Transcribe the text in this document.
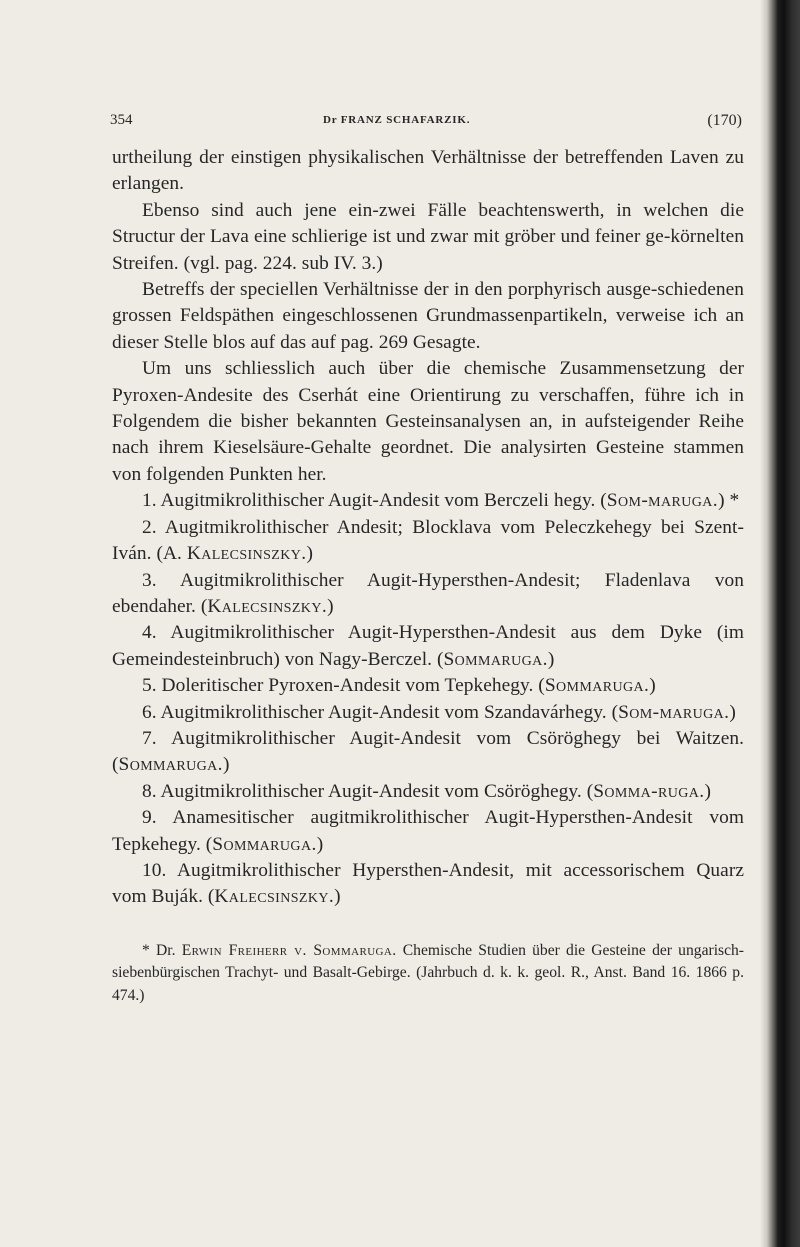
354	Dr FRANZ SCHAFARZIK.	(170)

urtheilung der einstigen physikalischen Verhältnisse der betreffenden Laven zu erlangen.

Ebenso sind auch jene ein-zwei Fälle beachtenswerth, in welchen die Structur der Lava eine schlierige ist und zwar mit gröber und feiner ge-körnelten Streifen. (vgl. pag. 224. sub IV. 3.)

Betreffs der speciellen Verhältnisse der in den porphyrisch ausge-schiedenen grossen Feldspäthen eingeschlossenen Grundmassenpartikeln, verweise ich an dieser Stelle blos auf das auf pag. 269 Gesagte.

Um uns schliesslich auch über die chemische Zusammensetzung der Pyroxen-Andesite des Cserhát eine Orientirung zu verschaffen, führe ich in Folgendem die bisher bekannten Gesteinsanalysen an, in aufsteigender Reihe nach ihrem Kieselsäure-Gehalte geordnet. Die analysirten Gesteine stammen von folgenden Punkten her.

1. Augitmikrolithischer Augit-Andesit vom Berczeli hegy. (Som-maruga.) *

2. Augitmikrolithischer Andesit; Blocklava vom Peleczkehegy bei Szent-Iván. (A. Kalecsinszky.)

3. Augitmikrolithischer Augit-Hypersthen-Andesit; Fladenlava von ebendaher. (Kalecsinszky.)

4. Augitmikrolithischer Augit-Hypersthen-Andesit aus dem Dyke (im Gemeindesteinbruch) von Nagy-Berczel. (Sommaruga.)

5. Doleritischer Pyroxen-Andesit vom Tepkehegy. (Sommaruga.)

6. Augitmikrolithischer Augit-Andesit vom Szandavárhegy. (Som-maruga.)

7. Augitmikrolithischer Augit-Andesit vom Csöröghegy bei Waitzen. (Sommaruga.)

8. Augitmikrolithischer Augit-Andesit vom Csöröghegy. (Somma-ruga.)

9. Anamesitischer augitmikrolithischer Augit-Hypersthen-Andesit vom Tepkehegy. (Sommaruga.)

10. Augitmikrolithischer Hypersthen-Andesit, mit accessorischem Quarz vom Buják. (Kalecsinszky.)

* Dr. Erwin Freiherr v. Sommaruga. Chemische Studien über die Gesteine der ungarisch-siebenbürgischen Trachyt- und Basalt-Gebirge. (Jahrbuch d. k. k. geol. R., Anst. Band 16. 1866 p. 474.)
